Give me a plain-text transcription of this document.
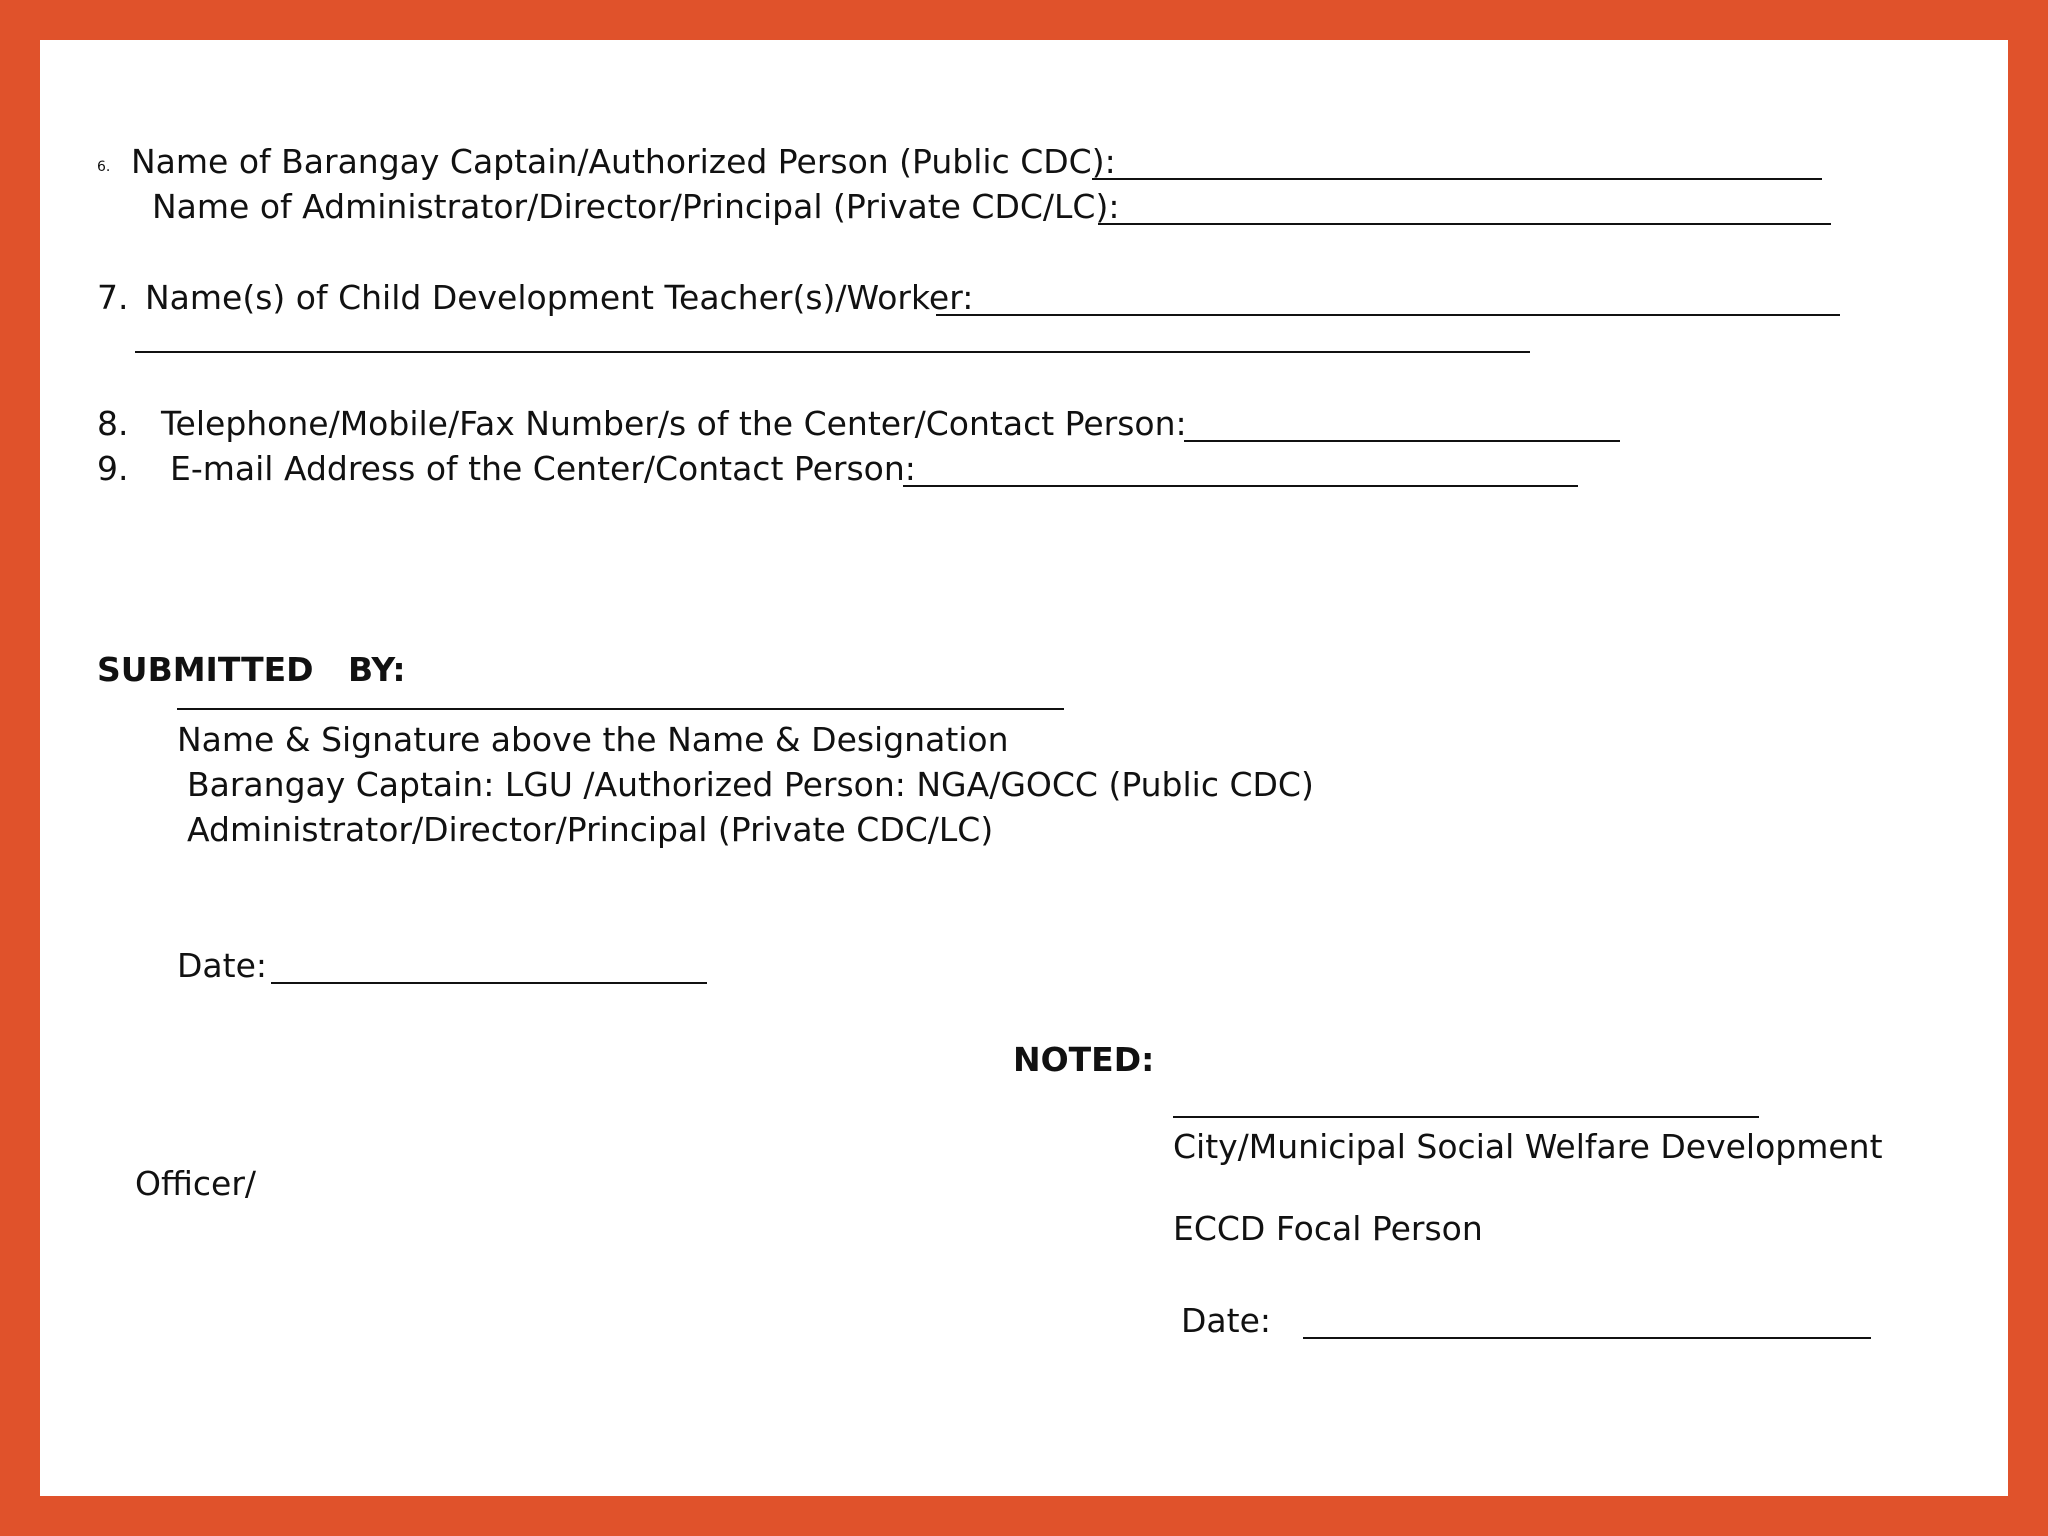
6. Name of Barangay Captain/Authorized Person (Public CDC):
Name of Administrator/Director/Principal (Private CDC/LC):
7. Name(s) of Child Development Teacher(s)/Worker:
8. Telephone/Mobile/Fax Number/s of the Center/Contact Person:
9. E-mail Address of the Center/Contact Person:
SUBMITTED   BY:
Name & Signature above the Name & Designation
Barangay Captain: LGU /Authorized Person: NGA/GOCC (Public CDC)
Administrator/Director/Principal (Private CDC/LC)
Date:
NOTED:
City/Municipal Social Welfare Development
Officer/
ECCD Focal Person
Date:
